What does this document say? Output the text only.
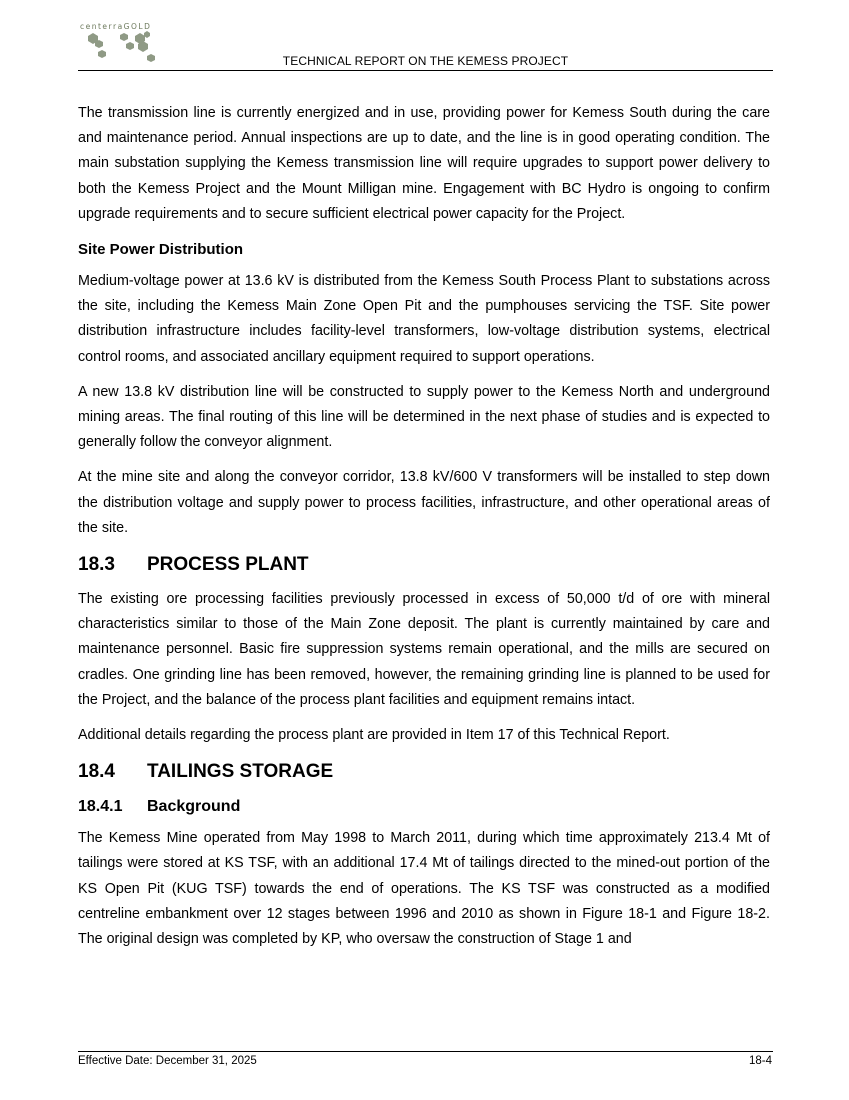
centerraGOLD
TECHNICAL REPORT ON THE KEMESS PROJECT

The transmission line is currently energized and in use, providing power for Kemess South during the care and maintenance period. Annual inspections are up to date, and the line is in good operating condition. The main substation supplying the Kemess transmission line will require upgrades to support power delivery to both the Kemess Project and the Mount Milligan mine. Engagement with BC Hydro is ongoing to confirm upgrade requirements and to secure sufficient electrical power capacity for the Project.

Site Power Distribution

Medium-voltage power at 13.6 kV is distributed from the Kemess South Process Plant to substations across the site, including the Kemess Main Zone Open Pit and the pumphouses servicing the TSF. Site power distribution infrastructure includes facility-level transformers, low-voltage distribution systems, electrical control rooms, and associated ancillary equipment required to support operations.

A new 13.8 kV distribution line will be constructed to supply power to the Kemess North and underground mining areas. The final routing of this line will be determined in the next phase of studies and is expected to generally follow the conveyor alignment.

At the mine site and along the conveyor corridor, 13.8 kV/600 V transformers will be installed to step down the distribution voltage and supply power to process facilities, infrastructure, and other operational areas of the site.

18.3	PROCESS PLANT

The existing ore processing facilities previously processed in excess of 50,000 t/d of ore with mineral characteristics similar to those of the Main Zone deposit. The plant is currently maintained by care and maintenance personnel. Basic fire suppression systems remain operational, and the mills are secured on cradles. One grinding line has been removed, however, the remaining grinding line is planned to be used for the Project, and the balance of the process plant facilities and equipment remains intact.

Additional details regarding the process plant are provided in Item 17 of this Technical Report.

18.4	TAILINGS STORAGE
18.4.1	Background

The Kemess Mine operated from May 1998 to March 2011, during which time approximately 213.4 Mt of tailings were stored at KS TSF, with an additional 17.4 Mt of tailings directed to the mined-out portion of the KS Open Pit (KUG TSF) towards the end of operations. The KS TSF was constructed as a modified centreline embankment over 12 stages between 1996 and 2010 as shown in Figure 18-1 and Figure 18-2. The original design was completed by KP, who oversaw the construction of Stage 1 and

Effective Date: December 31, 2025	18-4
